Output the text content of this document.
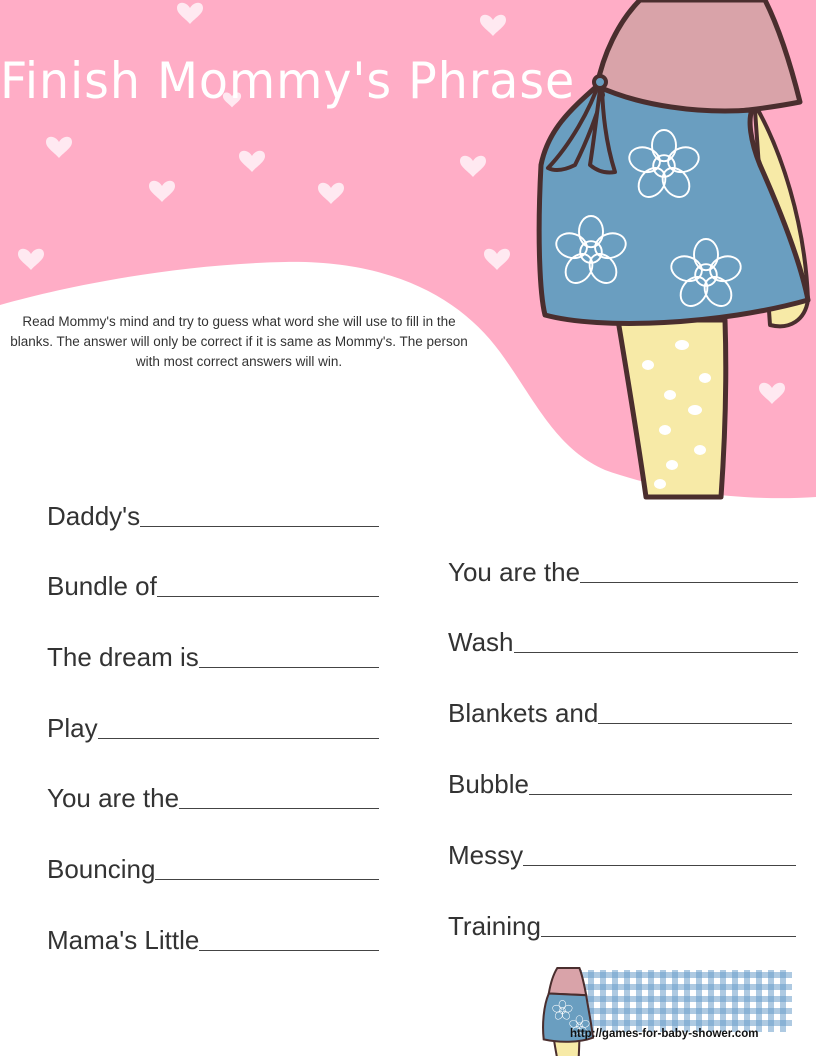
Finish Mommy's Phrase

Read Mommy's mind and try to guess what word she will use to fill in the blanks. The answer will only be correct if it is same as Mommy's. The person with most correct answers will win.

Daddy's
Bundle of
The dream is
Play
You are the
Bouncing
Mama's Little
You are the
Wash
Blankets and
Bubble
Messy
Training
http://games-for-baby-shower.com
